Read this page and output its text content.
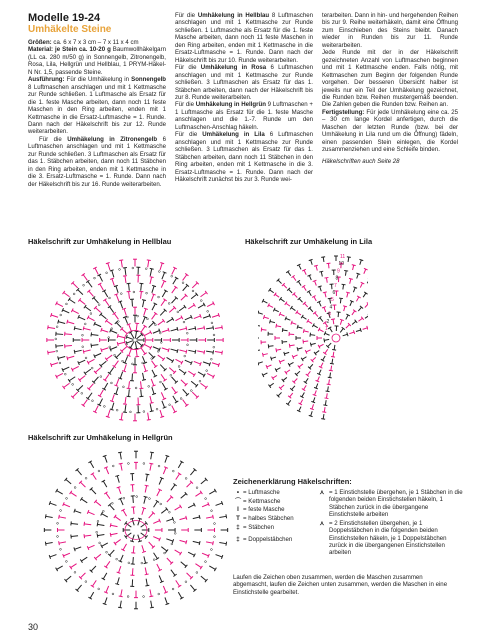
Modelle 19-24

Umhäkelte Steine

Größen: ca. 6 x 7 x 3 cm – 7 x 11 x 4 cm

Material: je Stein ca. 10-20 g Baumwollhäkelgarn (LL ca. 280 m/50 g) in Sonnengelb, Zitronengelb, Rosa, Lila, Hellgrün und Hellblau, 1 PRYM-Häkel-N Nr. 1,5, passende Steine.

Ausführung: Für die Umhäkelung in Sonnengelb 8 Luftmaschen anschlagen und mit 1 Kettmasche zur Runde schließen. 1 Luftmasche als Ersatz für die 1. feste Masche arbeiten, dann noch 11 feste Maschen in den Ring arbeiten, enden mit 1 Kettmasche in die Ersatz-Luftmasche = 1. Runde. Dann nach der Häkelschrift bis zur 12. Runde weiterarbeiten.

Für die Umhäkelung in Zitronengelb 6 Luftmaschen anschlagen und mit 1 Kettmasche zur Runde schließen. 3 Luftmaschen als Ersatz für das 1. Stäbchen arbeiten, dann noch 11 Stäbchen in den Ring arbeiten, enden mit 1 Kettmasche in die 3. Ersatz-Luftmasche = 1. Runde. Dann nach der Häkelschrift bis zur 16. Runde weiterarbeiten.

Für die Umhäkelung in Hellblau 8 Luftmaschen anschlagen und mit 1 Kettmasche zur Runde schließen. 1 Luftmasche als Ersatz für die 1. feste Masche arbeiten, dann noch 11 feste Maschen in den Ring arbeiten, enden mit 1 Kettmasche in die Ersatz-Luftmasche = 1. Runde. Dann nach der Häkelschrift bis zur 10. Runde weiterarbeiten.

Für die Umhäkelung in Rosa 6 Luftmaschen anschlagen und mit 1 Kettmasche zur Runde schließen. 3 Luftmaschen als Ersatz für das 1. Stäbchen arbeiten, dann nach der Häkelschrift bis zur 8. Runde weiterarbeiten.

Für die Umhäkelung in Hellgrün 9 Luftmaschen + 1 Luftmasche als Ersatz für die 1. feste Masche anschlagen und die 1.-7. Runde um den Luftmaschen-Anschlag häkeln.

Für die Umhäkelung in Lila 6 Luftmaschen anschlagen und mit 1 Kettmasche zur Runde schließen. 3 Luftmaschen als Ersatz für das 1. Stäbchen arbeiten, dann noch 11 Stäbchen in den Ring arbeiten, enden mit 1 Kettmasche in die 3. Ersatz-Luftmasche = 1. Runde. Dann nach der Häkelschrift zunächst bis zur 3. Runde wei-

terarbeiten. Dann in hin- und hergehenden Reihen bis zur 9. Reihe weiterhäkeln, damit eine Öffnung zum Einschieben des Steins bleibt. Danach wieder in Runden bis zur 11. Runde weiterarbeiten.

Jede Runde mit der in der Häkelschrift gezeichneten Anzahl von Luftmaschen beginnen und mit 1 Kettmasche enden. Falls nötig, mit Kettmaschen zum Beginn der folgenden Runde vorgehen. Der besseren Übersicht halber ist jeweils nur ein Teil der Umhäkelung gezeichnet, die Runden bzw. Reihen mustergemäß beenden. Die Zahlen geben die Runden bzw. Reihen an.

Fertigstellung: Für jede Umhäkelung eine ca. 25 – 30 cm lange Kordel anfertigen, durch die Maschen der letzten Runde (bzw. bei der Umhäkelung in Lila rund um die Öffnung) fädeln, einen passenden Stein einlegen, die Kordel zusammenziehen und eine Schleife binden.

Häkelschriften auch Seite 28

Häkelschrift zur Umhäkelung in Hellblau	Häkelschrift zur Umhäkelung in Lila
Häkelschrift zur Umhäkelung in Hellgrün
11
10
9
8
7
6
5
4
3
2
1
Zeichenerklärung Häkelschriften:
• = Luftmasche
⌒ = Kettmasche
I = feste Masche
T = halbes Stäbchen
‡ = Stäbchen
‡ = Doppelstäbchen
⋏ = 1 Einstichstelle übergehen, je 1 Stäbchen in die folgenden beiden Einstichstellen häkeln, 1 Stäbchen zurück in die übergangene Einstichstelle arbeiten
⋏ = 2 Einstichstellen übergehen, je 1 Doppelstäbchen in die folgenden beiden Einstichstellen häkeln, je 1 Doppelstäbchen zurück in die übergangenen Einstichstellen arbeiten
Laufen die Zeichen oben zusammen, werden die Maschen zusammen abgemascht, laufen die Zeichen unten zusammen, werden die Maschen in eine Einstichstelle gearbeitet.
30
